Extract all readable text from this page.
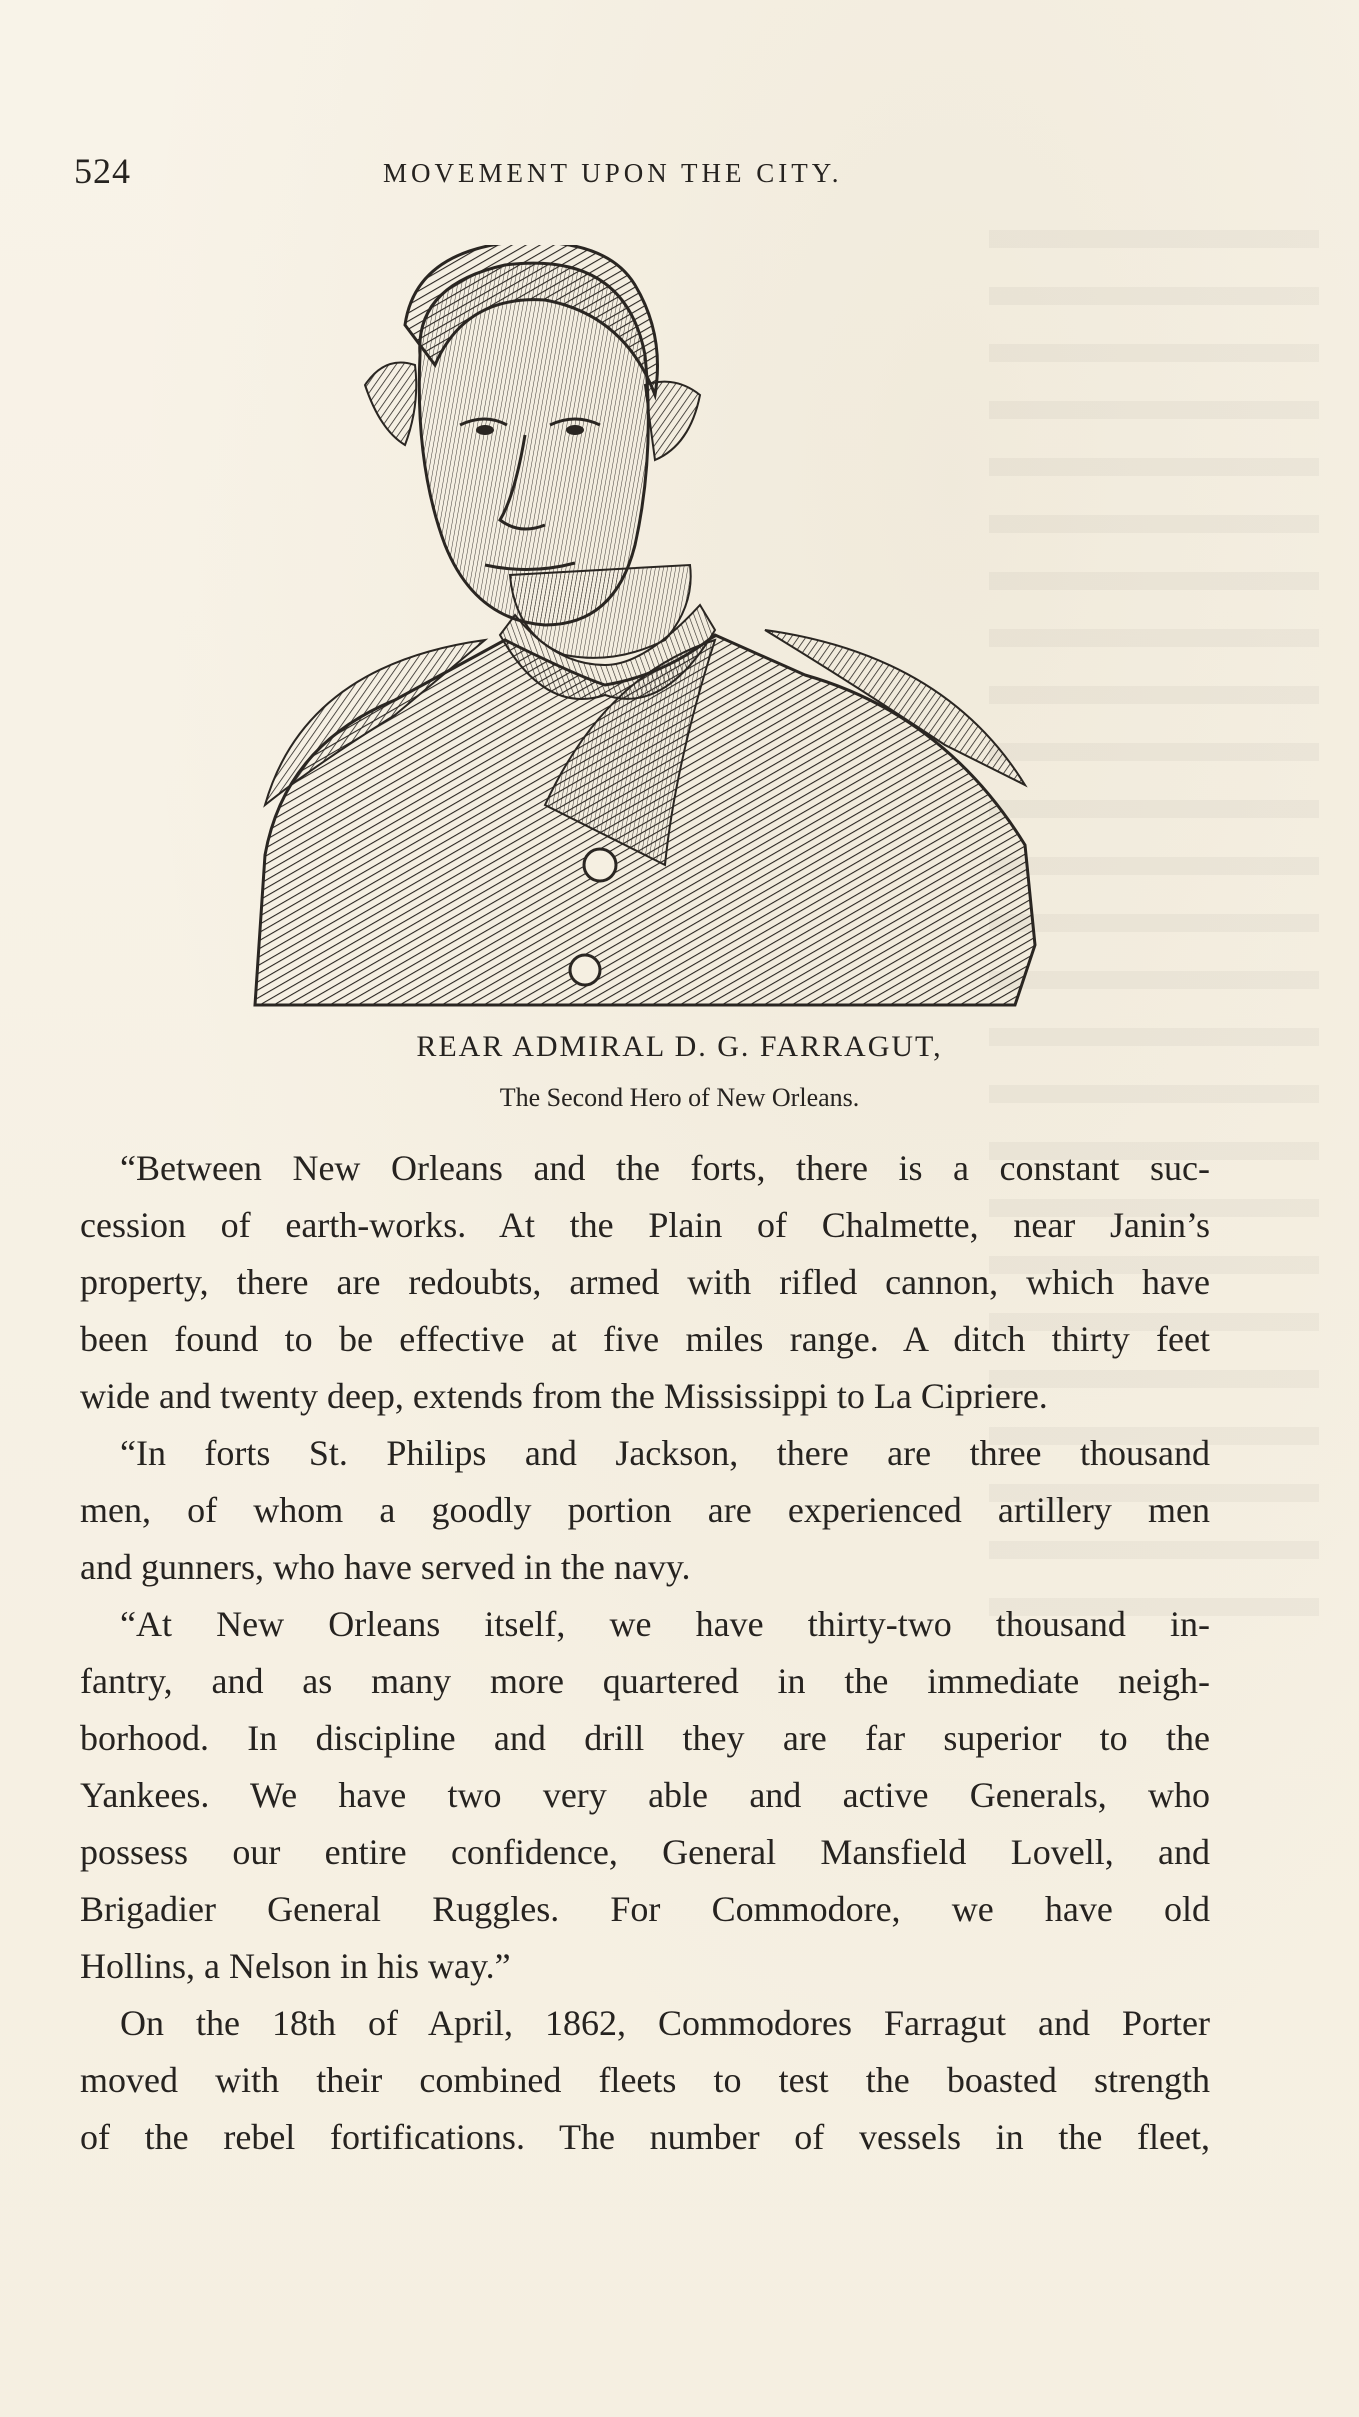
524	MOVEMENT UPON THE CITY.
REAR ADMIRAL D. G. FARRAGUT,
The Second Hero of New Orleans.

“Between New Orleans and the forts, there is a constant suc-
cession of earth-works. At the Plain of Chalmette, near Janin’s
property, there are redoubts, armed with rifled cannon, which have
been found to be effective at five miles range. A ditch thirty feet
wide and twenty deep, extends from the Mississippi to La Cipriere.

“In forts St. Philips and Jackson, there are three thousand
men, of whom a goodly portion are experienced artillery men
and gunners, who have served in the navy.

“At New Orleans itself, we have thirty-two thousand in-
fantry, and as many more quartered in the immediate neigh-
borhood. In discipline and drill they are far superior to the
Yankees. We have two very able and active Generals, who
possess our entire confidence, General Mansfield Lovell, and
Brigadier General Ruggles. For Commodore, we have old
Hollins, a Nelson in his way.”

On the 18th of April, 1862, Commodores Farragut and Porter
moved with their combined fleets to test the boasted strength
of the rebel fortifications. The number of vessels in the fleet,
